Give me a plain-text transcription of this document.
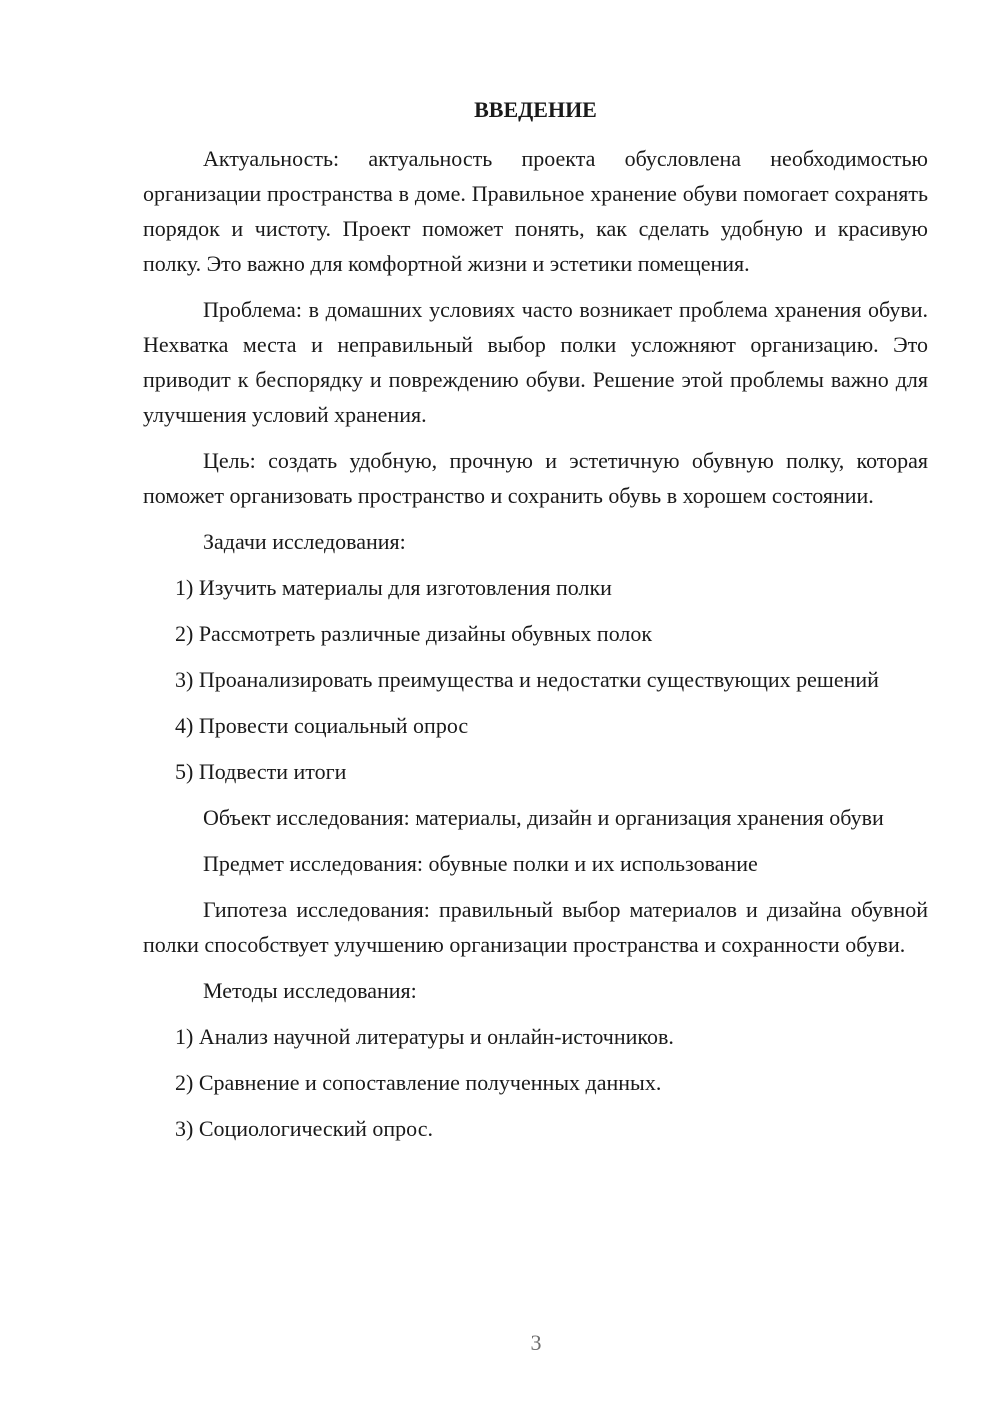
ВВЕДЕНИЕ

Актуальность: актуальность проекта обусловлена необходимостью организации пространства в доме. Правильное хранение обуви помогает сохранять порядок и чистоту. Проект поможет понять, как сделать удобную и красивую полку. Это важно для комфортной жизни и эстетики помещения.

Проблема: в домашних условиях часто возникает проблема хранения обуви. Нехватка места и неправильный выбор полки усложняют организацию. Это приводит к беспорядку и повреждению обуви. Решение этой проблемы важно для улучшения условий хранения.

Цель: создать удобную, прочную и эстетичную обувную полку, которая поможет организовать пространство и сохранить обувь в хорошем состоянии.

Задачи исследования:

1) Изучить материалы для изготовления полки

2) Рассмотреть различные дизайны обувных полок

3) Проанализировать преимущества и недостатки существующих решений

4) Провести социальный опрос

5) Подвести итоги

Объект исследования: материалы, дизайн и организация хранения обуви

Предмет исследования: обувные полки и их использование

Гипотеза исследования: правильный выбор материалов и дизайна обувной полки способствует улучшению организации пространства и сохранности обуви.

Методы исследования:

1) Анализ научной литературы и онлайн-источников.

2) Сравнение и сопоставление полученных данных.

3) Социологический опрос.

3
